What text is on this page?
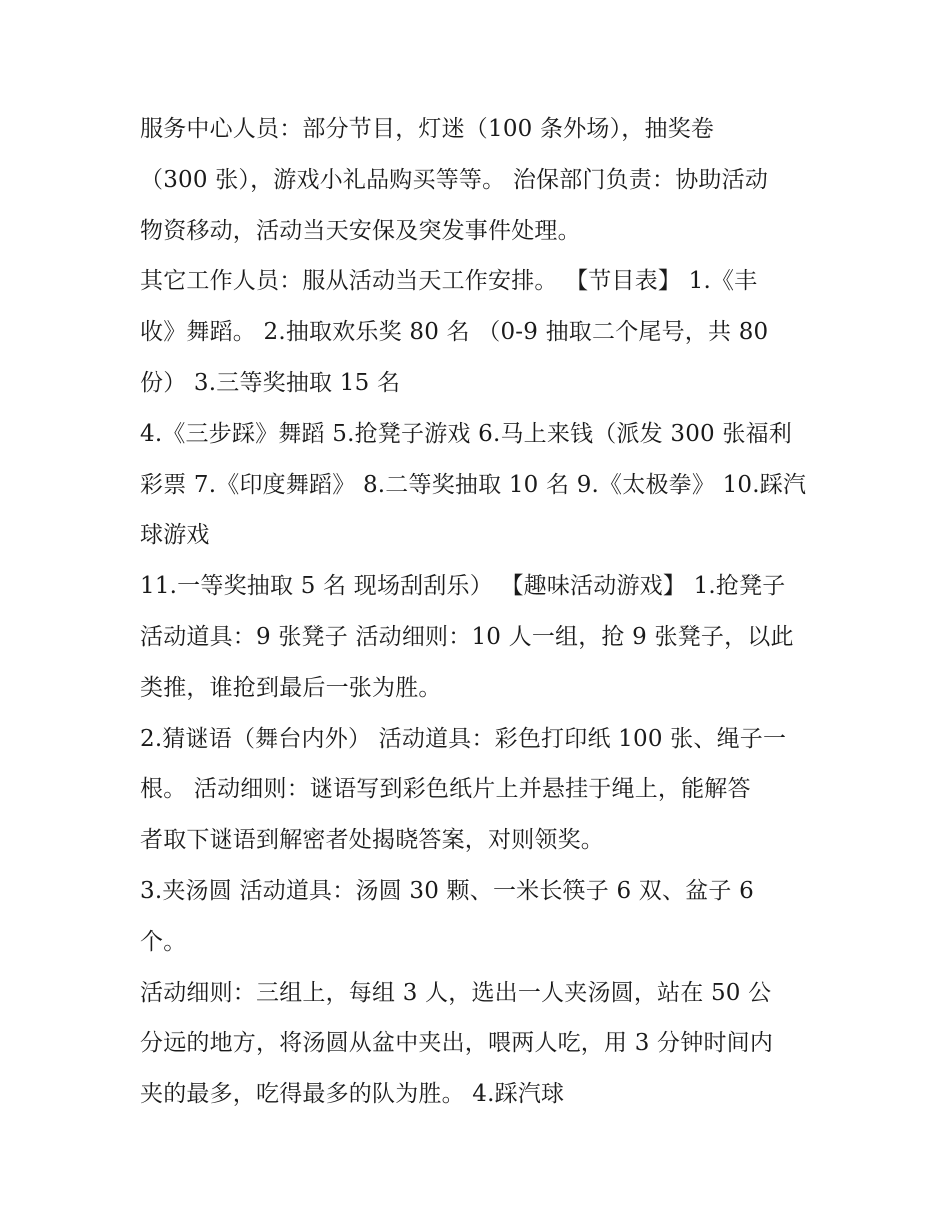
服务中心人员：部分节目，灯迷（100 条外场），抽奖卷
（300 张），游戏小礼品购买等等。 治保部门负责：协助活动
物资移动，活动当天安保及突发事件处理。
其它工作人员：服从活动当天工作安排。 【节目表】 1.《丰
收》舞蹈。 2.抽取欢乐奖 80 名 （0-9 抽取二个尾号，共 80
份） 3.三等奖抽取 15 名
4.《三步踩》舞蹈 5.抢凳子游戏 6.马上来钱（派发 300 张福利
彩票 7.《印度舞蹈》 8.二等奖抽取 10 名 9.《太极拳》 10.踩汽
球游戏
11.一等奖抽取 5 名 现场刮刮乐） 【趣味活动游戏】 1.抢凳子
活动道具：9 张凳子 活动细则：10 人一组，抢 9 张凳子，以此
类推，谁抢到最后一张为胜。
2.猜谜语（舞台内外） 活动道具：彩色打印纸 100 张、绳子一
根。 活动细则：谜语写到彩色纸片上并悬挂于绳上，能解答
者取下谜语到解密者处揭晓答案，对则领奖。
3.夹汤圆 活动道具：汤圆 30 颗、一米长筷子 6 双、盆子 6
个。
活动细则：三组上，每组 3 人，选出一人夹汤圆，站在 50 公
分远的地方，将汤圆从盆中夹出，喂两人吃，用 3 分钟时间内
夹的最多，吃得最多的队为胜。 4.踩汽球
